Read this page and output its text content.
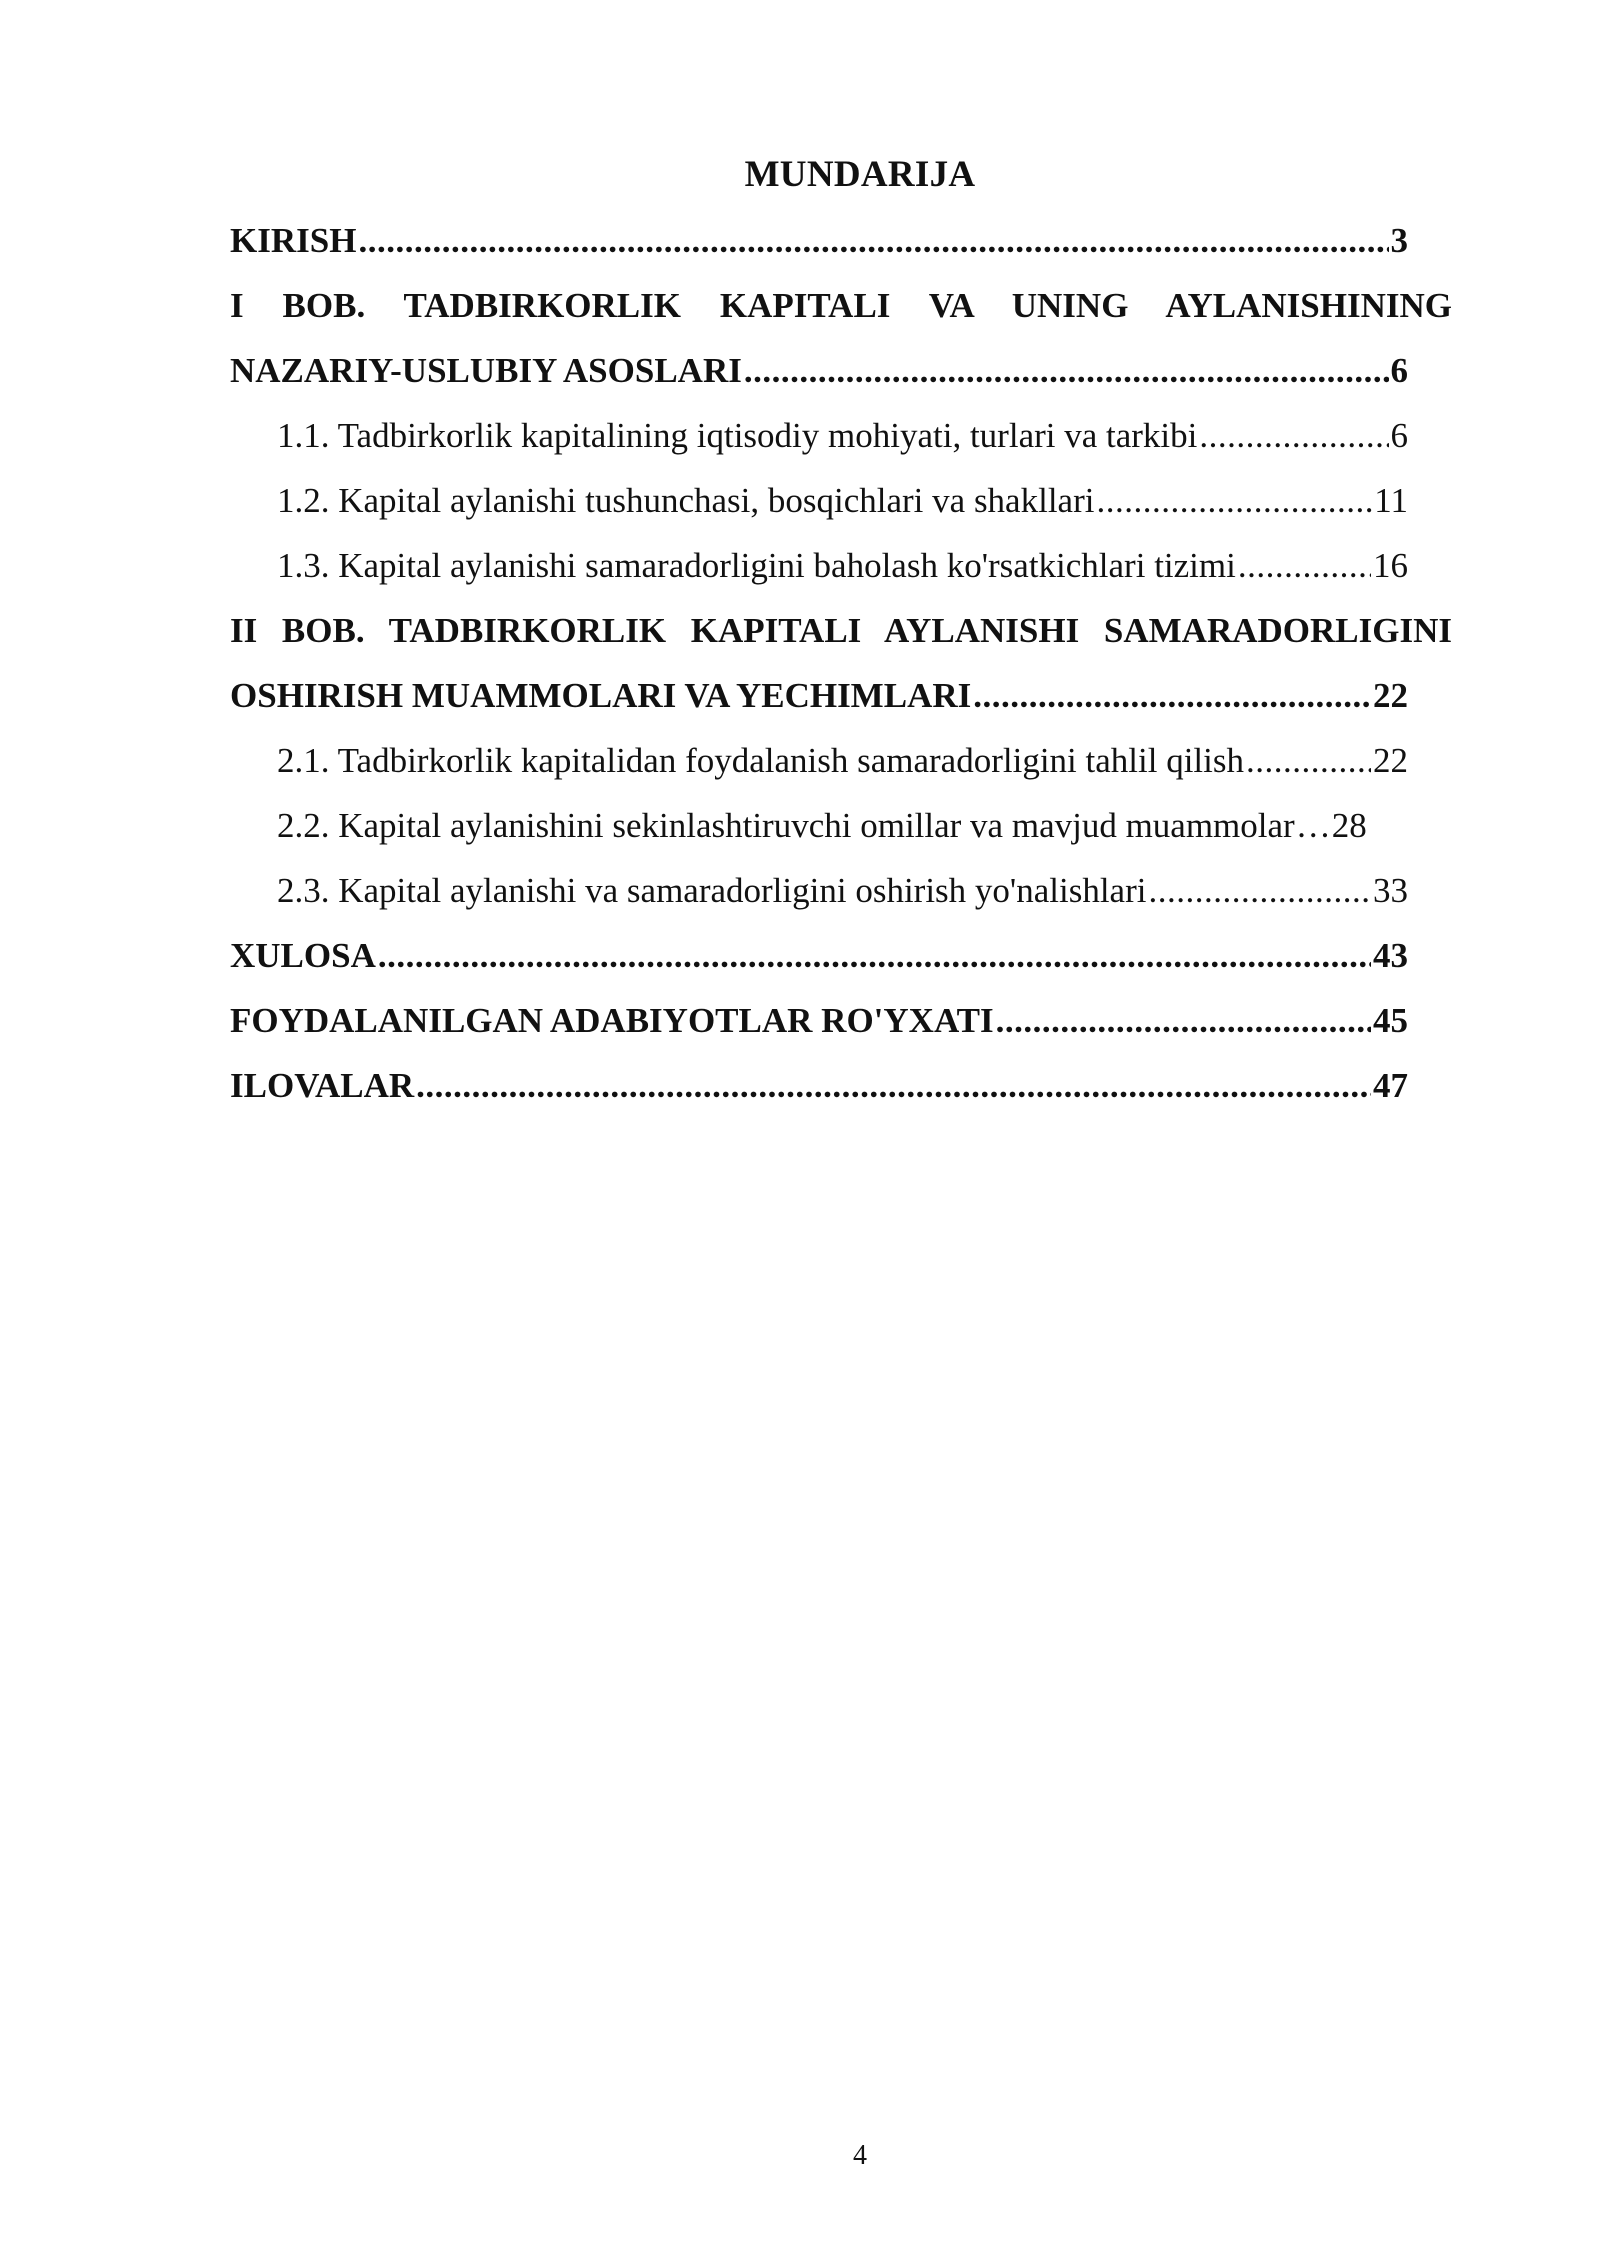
MUNDARIJA
KIRISH .....	3
I BOB. TADBIRKORLIK KAPITALI VA UNING AYLANISHINING
NAZARIY-USLUBIY ASOSLARI .....	6
1.1. Tadbirkorlik kapitalining iqtisodiy mohiyati, turlari va tarkibi .....	6
1.2. Kapital aylanishi tushunchasi, bosqichlari va shakllari .....	11
1.3. Kapital aylanishi samaradorligini baholash ko'rsatkichlari tizimi .....	16
II BOB. TADBIRKORLIK KAPITALI AYLANISHI SAMARADORLIGINI
OSHIRISH MUAMMOLARI VA YECHIMLARI .....	22
2.1. Tadbirkorlik kapitalidan foydalanish samaradorligini tahlil qilish .....	22
2.2. Kapital aylanishini sekinlashtiruvchi omillar va mavjud muammolar … 28
2.3. Kapital aylanishi va samaradorligini oshirish yo'nalishlari .....	33
XULOSA .....	43
FOYDALANILGAN ADABIYOTLAR RO'YXATI .....	45
ILOVALAR .....	47
4
